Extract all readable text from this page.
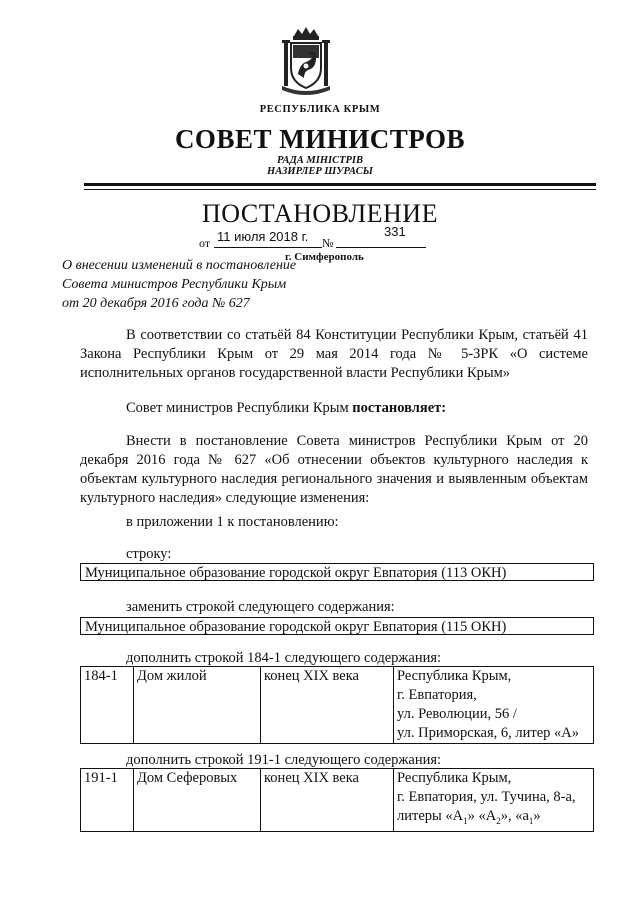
РЕСПУБЛИКА КРЫМ
СОВЕТ МИНИСТРОВ
РАДА МІНІСТРІВ
НАЗИРЛЕР ШУРАСЫ
ПОСТАНОВЛЕНИЕ
от 11 июля 2018 г. №
331
г. Симферополь
О внесении изменений в постановление
Совета министров Республики Крым
от 20 декабря 2016 года № 627
В соответствии со статьёй 84 Конституции Республики Крым, статьёй 41 Закона Республики Крым от 29 мая 2014 года № 5-ЗРК «О системе исполнительных органов государственной власти Республики Крым»
Совет министров Республики Крым постановляет:
Внести в постановление Совета министров Республики Крым от 20 декабря 2016 года № 627 «Об отнесении объектов культурного наследия к объектам культурного наследия регионального значения и выявленным объектам культурного наследия» следующие изменения:
в приложении 1 к постановлению:
строку:
Муниципальное образование городской округ Евпатория (113 ОКН)
заменить строкой следующего содержания:
Муниципальное образование городской округ Евпатория (115 ОКН)
дополнить строкой 184-1 следующего содержания:
184-1	Дом жилой	конец XIX века	Республика Крым,
г. Евпатория,
ул. Революции, 56 /
ул. Приморская, 6, литер «А»
дополнить строкой 191-1 следующего содержания:
191-1	Дом Сеферовых	конец XIX века	Республика Крым,
г. Евпатория, ул. Тучина, 8-а,
литеры «$А_1$» «$А_2$», «$а_1$»
